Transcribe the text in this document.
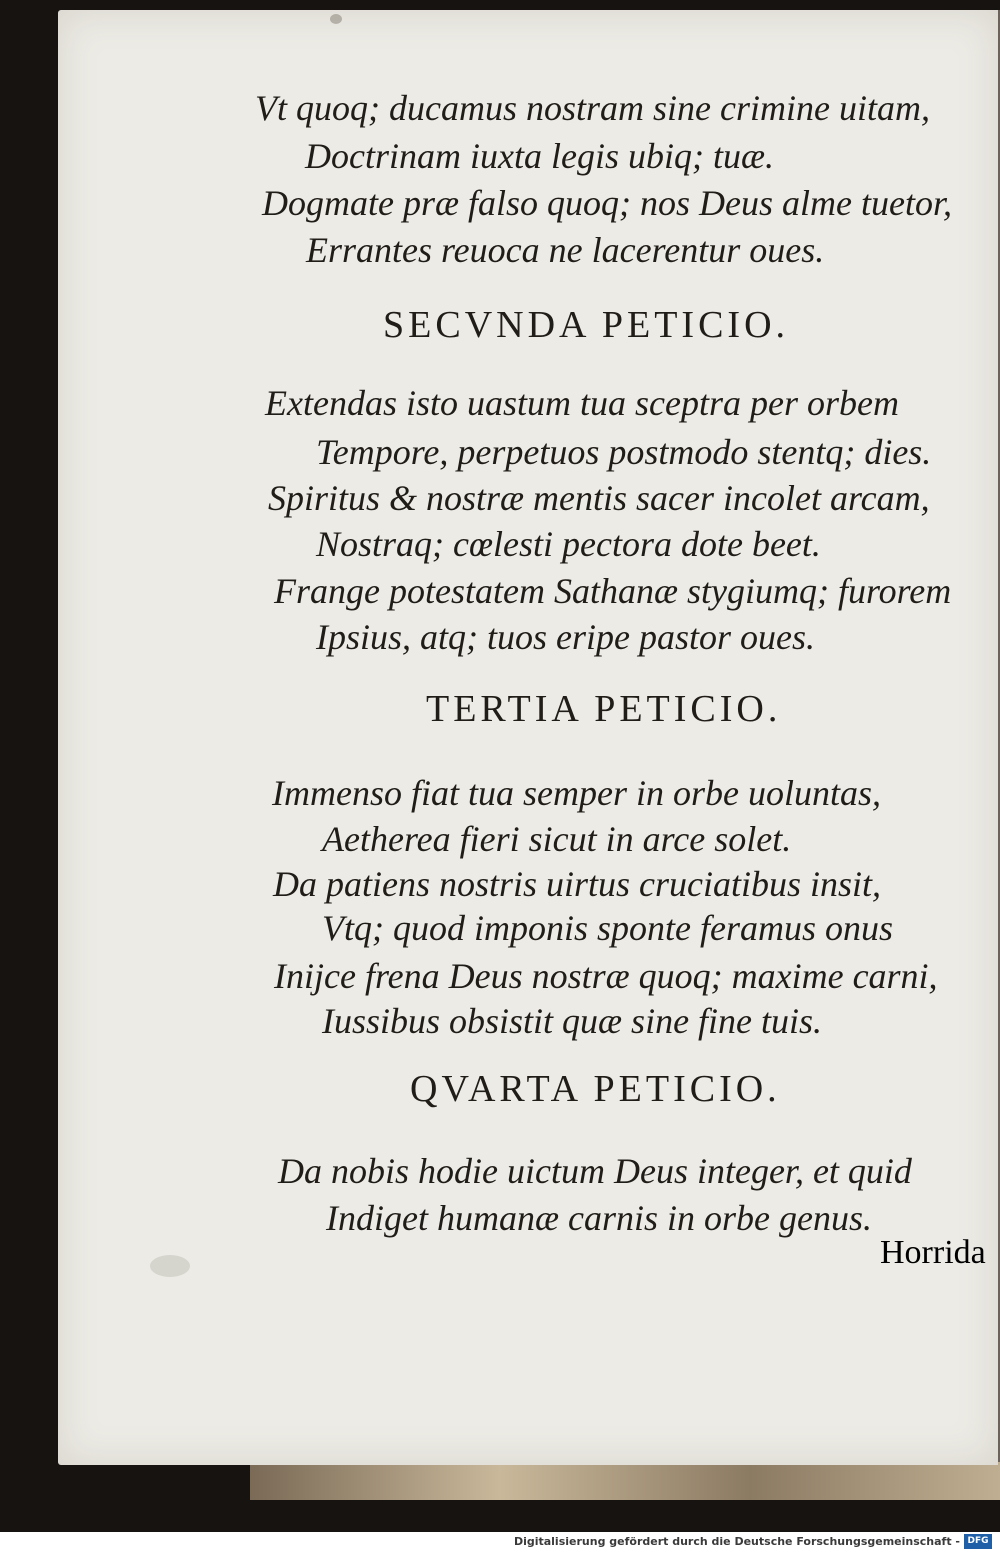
Vt quoq; ducamus nostram sine crimine uitam,
Doctrinam iuxta legis ubiq; tuæ.
Dogmate præ falso quoq; nos Deus alme tuetor,
Errantes reuoca ne lacerentur oues.
SECVNDA PETICIO.
Extendas isto uastum tua sceptra per orbem
Tempore, perpetuos postmodo stentq; dies.
Spiritus & nostræ mentis sacer incolet arcam,
Nostraq; cœlesti pectora dote beet.
Frange potestatem Sathanæ stygiumq; furorem
Ipsius, atq; tuos eripe pastor oues.
TERTIA PETICIO.
Immenso fiat tua semper in orbe uoluntas,
Aetherea fieri sicut in arce solet.
Da patiens nostris uirtus cruciatibus insit,
Vtq; quod imponis sponte feramus onus
Inijce frena Deus nostræ quoq; maxime carni,
Iussibus obsistit quæ sine fine tuis.
QVARTA PETICIO.
Da nobis hodie uictum Deus integer, et quid
Indiget humanæ carnis in orbe genus.
Horrida
Digitalisierung gefördert durch die Deutsche Forschungsgemeinschaft - DFG
